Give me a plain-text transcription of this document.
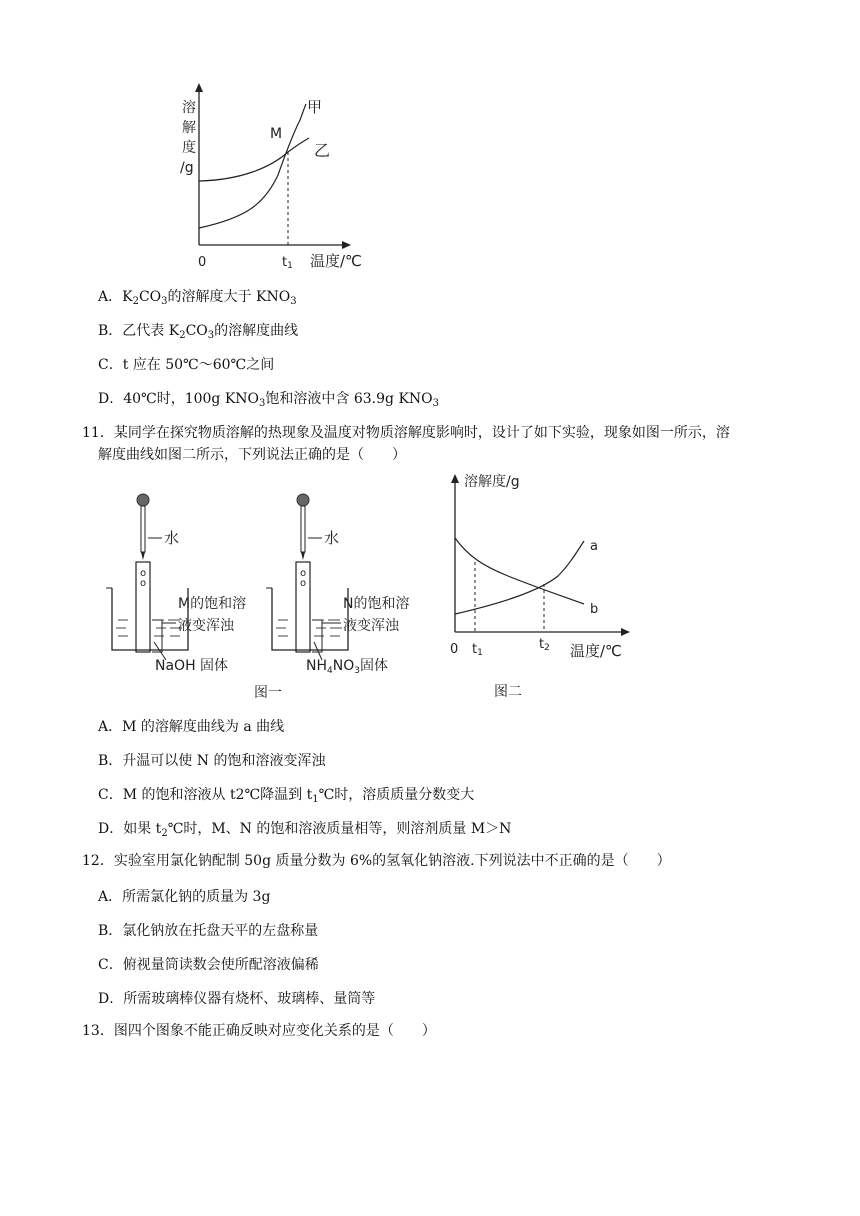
溶
解
度
/g
0	t1 温度/℃
M
甲
乙
A．$K_2CO_3$的溶解度大于 $KNO_3$
B．乙代表 $K_2CO_3$的溶解度曲线
C．t 应在 50℃～60℃之间
D．40℃时，100g $KNO_3$饱和溶液中含 63.9g $KNO_3$
11．某同学在探究物质溶解的热现象及温度对物质溶解度影响时，设计了如下实验，现象如图一所示，溶
解度曲线如图二所示，下列说法正确的是（　　）
ο
ο
水
M的饱和溶
液变浑浊
NaOH 固体
ο
ο
水
N的饱和溶
液变浑浊
$NH_4NO_3$固体
图一
溶解度/g
a
b
0 t1
t2 温度/℃
图二
A．M 的溶解度曲线为 a 曲线
B．升温可以使 N 的饱和溶液变浑浊
C．M 的饱和溶液从 t2℃降温到 $t_1℃$时，溶质质量分数变大
D．如果 $t_2℃$时，M、N 的饱和溶液质量相等，则溶剂质量 M＞N
12．实验室用氯化钠配制 50g 质量分数为 6%的氢氧化钠溶液.下列说法中不正确的是（　　）
A．所需氯化钠的质量为 3g
B．氯化钠放在托盘天平的左盘称量
C．俯视量筒读数会使所配溶液偏稀
D．所需玻璃棒仪器有烧杯、玻璃棒、量筒等
13．图四个图象不能正确反映对应变化关系的是（　　）
